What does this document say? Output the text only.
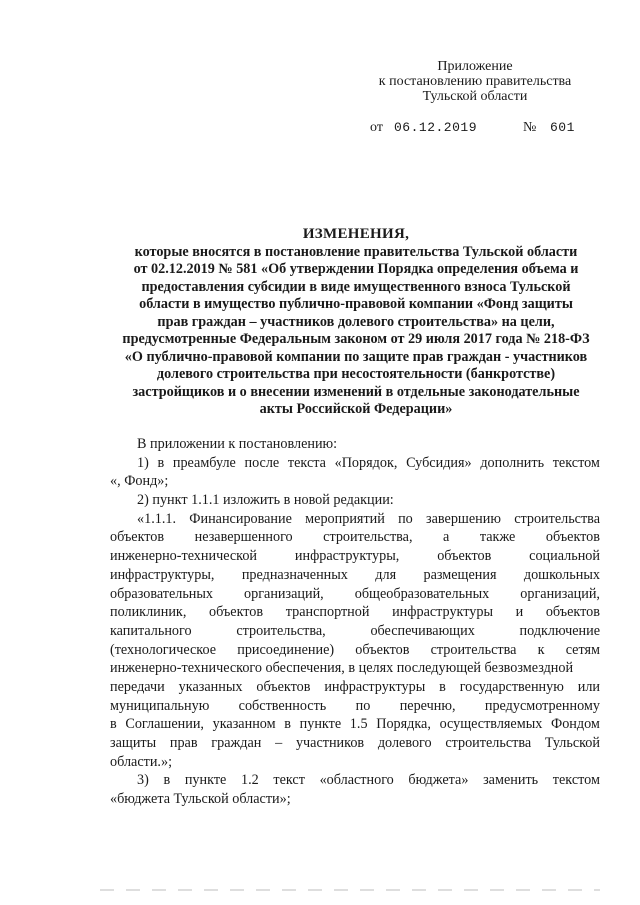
Приложение
к постановлению правительства
Тульской области
от 06.12.2019	№ 601
ИЗМЕНЕНИЯ,
которые вносятся в постановление правительства Тульской области
от 02.12.2019 № 581 «Об утверждении Порядка определения объема и
предоставления субсидии в виде имущественного взноса Тульской
области в имущество публично-правовой компании «Фонд защиты
прав граждан – участников долевого строительства» на цели,
предусмотренные Федеральным законом от 29 июля 2017 года № 218-ФЗ
«О публично-правовой компании по защите прав граждан - участников
долевого строительства при несостоятельности (банкротстве)
застройщиков и о внесении изменений в отдельные законодательные
акты Российской Федерации»
В приложении к постановлению:
1) в преамбуле после текста «Порядок, Субсидия» дополнить текстом
«, Фонд»;
2) пункт 1.1.1 изложить в новой редакции:
«1.1.1. Финансирование мероприятий по завершению строительства
объектов незавершенного строительства, а также объектов
инженерно-технической	инфраструктуры,	объектов	социальной
инфраструктуры, предназначенных для размещения дошкольных
образовательных организаций, общеобразовательных организаций,
поликлиник, объектов транспортной инфраструктуры и объектов
капитального	строительства,	обеспечивающих	подключение
(технологическое присоединение) объектов строительства к сетям
инженерно-технического обеспечения, в целях последующей безвозмездной
передачи указанных объектов инфраструктуры в государственную или
муниципальную собственность по перечню, предусмотренному
в Соглашении, указанном в пункте 1.5 Порядка, осуществляемых Фондом
защиты прав граждан – участников долевого строительства Тульской
области.»;
3) в пункте 1.2 текст «областного бюджета» заменить текстом
«бюджета Тульской области»;
